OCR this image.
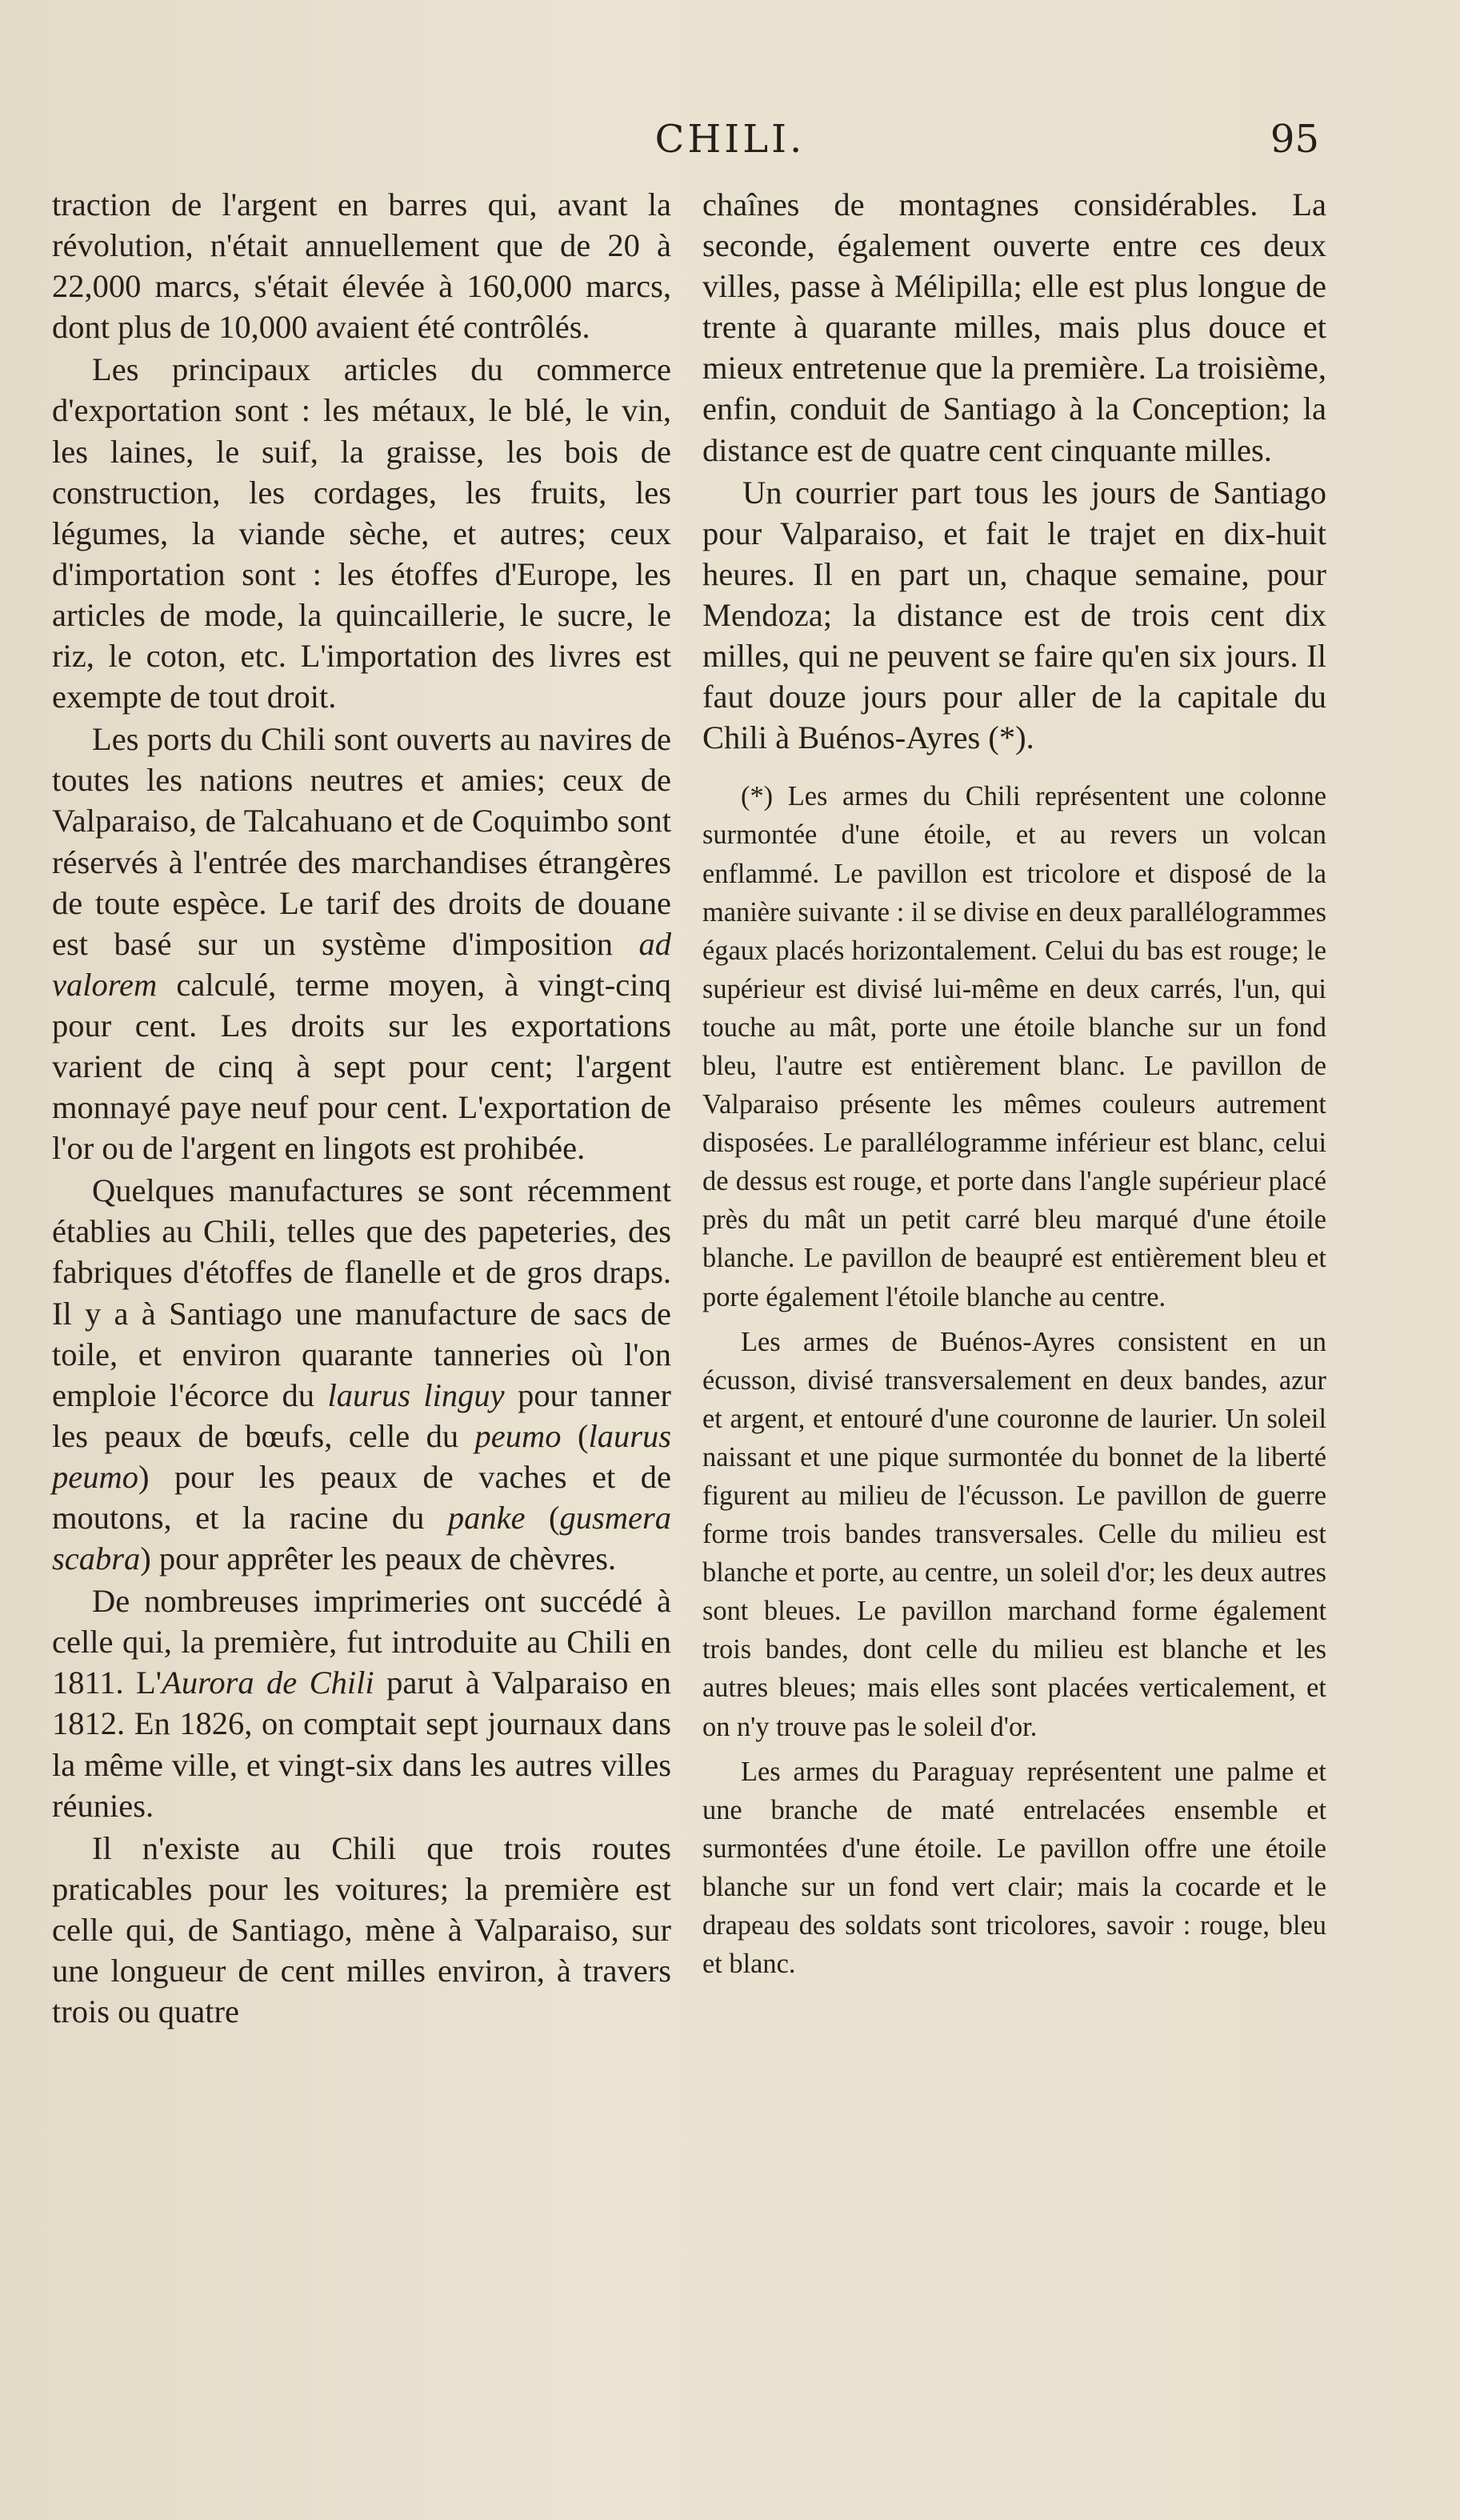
CHILI.	95

traction de l'argent en barres qui, avant la révolution, n'était annuellement que de 20 à 22,000 marcs, s'était élevée à 160,000 marcs, dont plus de 10,000 avaient été contrôlés.

Les principaux articles du commerce d'exportation sont : les métaux, le blé, le vin, les laines, le suif, la graisse, les bois de construction, les cordages, les fruits, les légumes, la viande sèche, et autres; ceux d'importation sont : les étoffes d'Europe, les articles de mode, la quincaillerie, le sucre, le riz, le coton, etc. L'importation des livres est exempte de tout droit.

Les ports du Chili sont ouverts au navires de toutes les nations neutres et amies; ceux de Valparaiso, de Talcahuano et de Coquimbo sont réservés à l'entrée des marchandises étrangères de toute espèce. Le tarif des droits de douane est basé sur un système d'imposition ad valorem calculé, terme moyen, à vingt-cinq pour cent. Les droits sur les exportations varient de cinq à sept pour cent; l'argent monnayé paye neuf pour cent. L'exportation de l'or ou de l'argent en lingots est prohibée.

Quelques manufactures se sont récemment établies au Chili, telles que des papeteries, des fabriques d'étoffes de flanelle et de gros draps. Il y a à Santiago une manufacture de sacs de toile, et environ quarante tanneries où l'on emploie l'écorce du laurus linguy pour tanner les peaux de bœufs, celle du peumo (laurus peumo) pour les peaux de vaches et de moutons, et la racine du panke (gusmera scabra) pour apprêter les peaux de chèvres.

De nombreuses imprimeries ont succédé à celle qui, la première, fut introduite au Chili en 1811. L'Aurora de Chili parut à Valparaiso en 1812. En 1826, on comptait sept journaux dans la même ville, et vingt-six dans les autres villes réunies.

Il n'existe au Chili que trois routes praticables pour les voitures; la première est celle qui, de Santiago, mène à Valparaiso, sur une longueur de cent milles environ, à travers trois ou quatre

chaînes de montagnes considérables. La seconde, également ouverte entre ces deux villes, passe à Mélipilla; elle est plus longue de trente à quarante milles, mais plus douce et mieux entretenue que la première. La troisième, enfin, conduit de Santiago à la Conception; la distance est de quatre cent cinquante milles.

Un courrier part tous les jours de Santiago pour Valparaiso, et fait le trajet en dix-huit heures. Il en part un, chaque semaine, pour Mendoza; la distance est de trois cent dix milles, qui ne peuvent se faire qu'en six jours. Il faut douze jours pour aller de la capitale du Chili à Buénos-Ayres (*).

(*) Les armes du Chili représentent une colonne surmontée d'une étoile, et au revers un volcan enflammé. Le pavillon est tricolore et disposé de la manière suivante : il se divise en deux parallélogrammes égaux placés horizontalement. Celui du bas est rouge; le supérieur est divisé lui-même en deux carrés, l'un, qui touche au mât, porte une étoile blanche sur un fond bleu, l'autre est entièrement blanc. Le pavillon de Valparaiso présente les mêmes couleurs autrement disposées. Le parallélogramme inférieur est blanc, celui de dessus est rouge, et porte dans l'angle supérieur placé près du mât un petit carré bleu marqué d'une étoile blanche. Le pavillon de beaupré est entièrement bleu et porte également l'étoile blanche au centre.

Les armes de Buénos-Ayres consistent en un écusson, divisé transversalement en deux bandes, azur et argent, et entouré d'une couronne de laurier. Un soleil naissant et une pique surmontée du bonnet de la liberté figurent au milieu de l'écusson. Le pavillon de guerre forme trois bandes transversales. Celle du milieu est blanche et porte, au centre, un soleil d'or; les deux autres sont bleues. Le pavillon marchand forme également trois bandes, dont celle du milieu est blanche et les autres bleues; mais elles sont placées verticalement, et on n'y trouve pas le soleil d'or.

Les armes du Paraguay représentent une palme et une branche de maté entrelacées ensemble et surmontées d'une étoile. Le pavillon offre une étoile blanche sur un fond vert clair; mais la cocarde et le drapeau des soldats sont tricolores, savoir : rouge, bleu et blanc.
